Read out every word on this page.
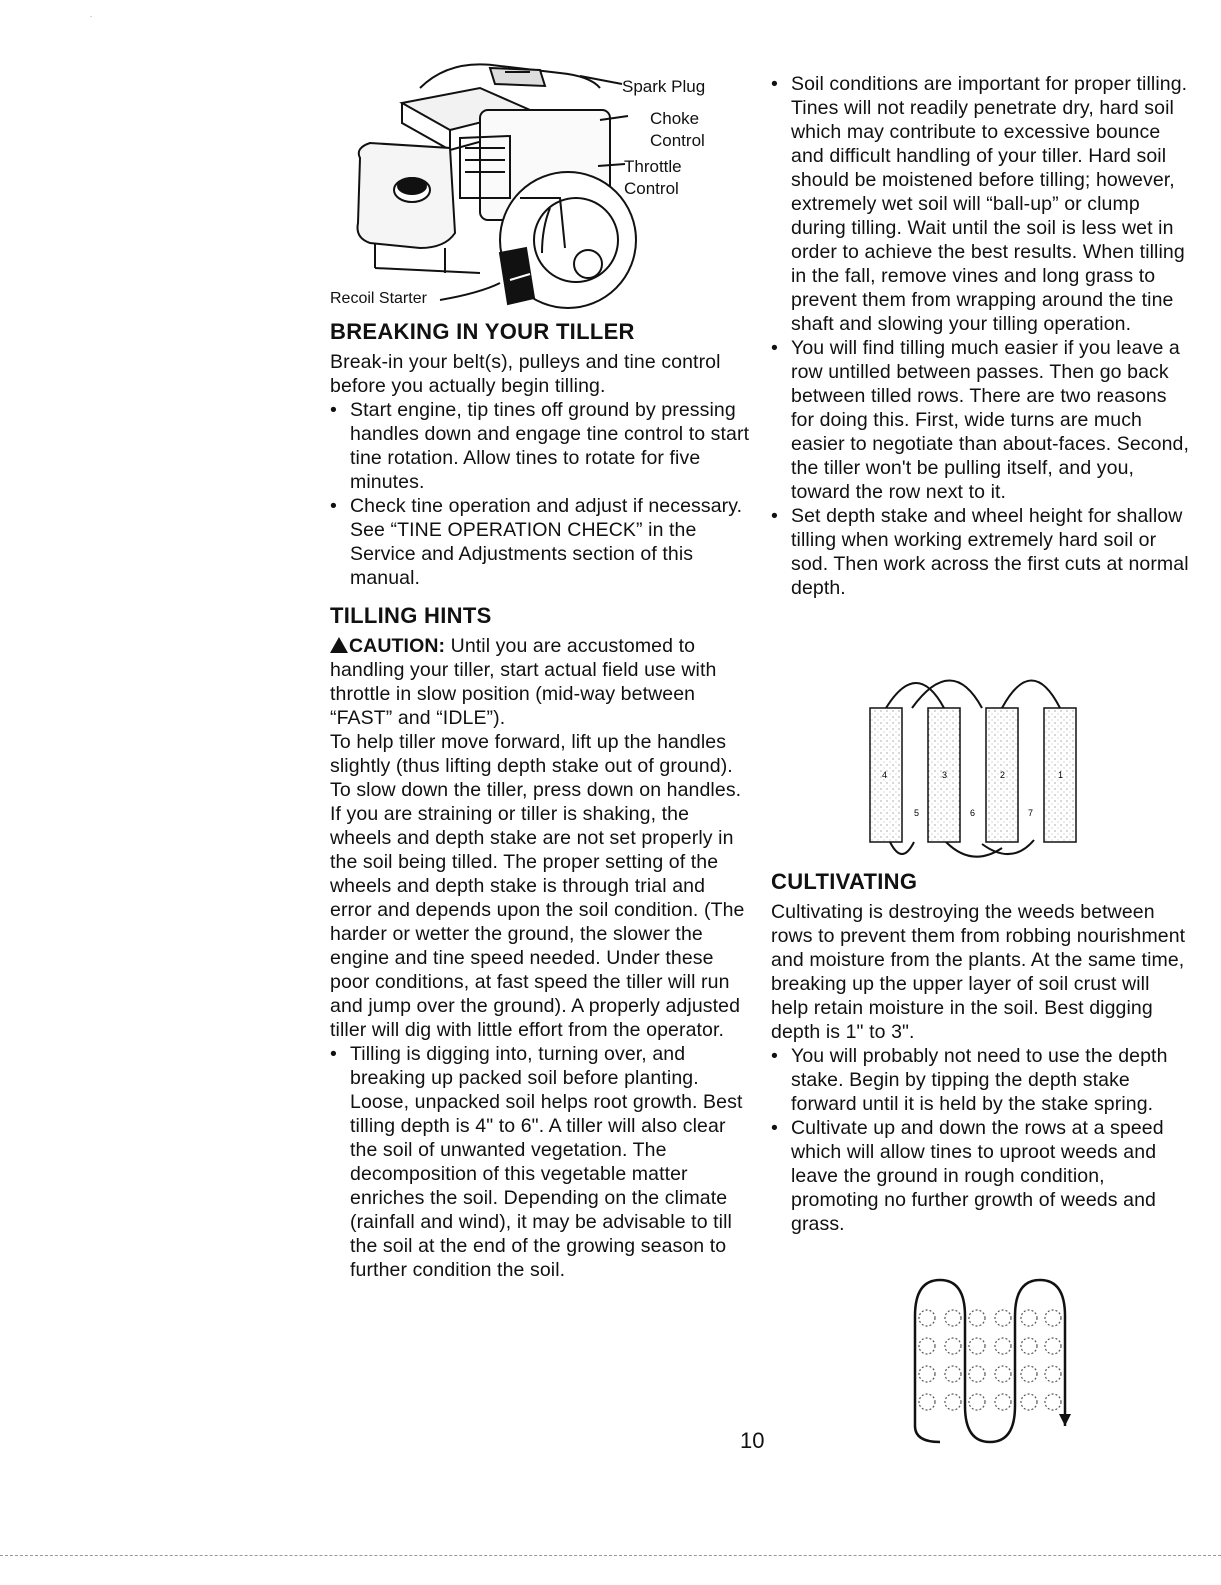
·
Spark Plug
Choke
Control
Throttle
Control
Recoil Starter
BREAKING IN YOUR TILLER

Break-in your belt(s), pulleys and tine control before you actually begin tilling.

• Start engine, tip tines off ground by pressing handles down and engage tine control to start tine rotation. Allow tines to rotate for five minutes.
• Check tine operation and adjust if necessary. See “TINE OPERATION CHECK” in the Service and Adjustments section of this manual.
TILLING HINTS

CAUTION: Until you are accustomed to handling your tiller, start actual field use with throttle in slow position (mid-way between “FAST” and “IDLE”).

To help tiller move forward, lift up the handles slightly (thus lifting depth stake out of ground). To slow down the tiller, press down on handles.

If you are straining or tiller is shaking, the wheels and depth stake are not set properly in the soil being tilled. The proper setting of the wheels and depth stake is through trial and error and depends upon the soil condition. (The harder or wetter the ground, the slower the engine and tine speed needed. Under these poor conditions, at fast speed the tiller will run and jump over the ground). A properly adjusted tiller will dig with little effort from the operator.

• Tilling is digging into, turning over, and breaking up packed soil before planting. Loose, unpacked soil helps root growth. Best tilling depth is 4" to 6". A tiller will also clear the soil of unwanted vegetation. The decomposition of this vegetable matter enriches the soil. Depending on the climate (rainfall and wind), it may be advisable to till the soil at the end of the growing season to further condition the soil.
• Soil conditions are important for proper tilling. Tines will not readily penetrate dry, hard soil which may contribute to excessive bounce and difficult handling of your tiller. Hard soil should be moistened before tilling; however, extremely wet soil will “ball-up” or clump during tilling. Wait until the soil is less wet in order to achieve the best results. When tilling in the fall, remove vines and long grass to prevent them from wrapping around the tine shaft and slowing your tilling operation.
• You will find tilling much easier if you leave a row untilled between passes. Then go back between tilled rows. There are two reasons for doing this. First, wide turns are much easier to negotiate than about-faces. Second, the tiller won't be pulling itself, and you, toward the row next to it.
• Set depth stake and wheel height for shallow tilling when working extremely hard soil or sod. Then work across the first cuts at normal depth.
4	3	2	1
5	6	7
CULTIVATING

Cultivating is destroying the weeds between rows to prevent them from robbing nourishment and moisture from the plants. At the same time, breaking up the upper layer of soil crust will help retain moisture in the soil. Best digging depth is 1" to 3".

• You will probably not need to use the depth stake. Begin by tipping the depth stake forward until it is held by the stake spring.
• Cultivate up and down the rows at a speed which will allow tines to uproot weeds and leave the ground in rough condition, promoting no further growth of weeds and grass.
10
